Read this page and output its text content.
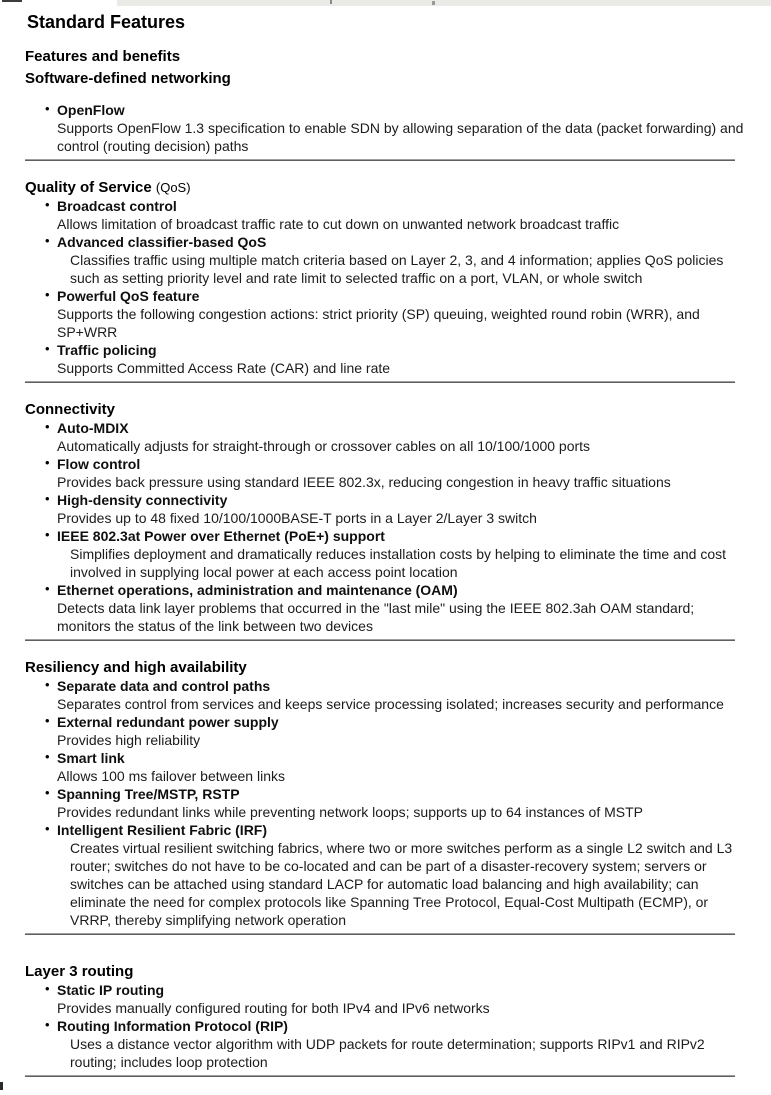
Standard Features
Features and benefits
Software-defined networking
• OpenFlow
Supports OpenFlow 1.3 specification to enable SDN by allowing separation of the data (packet forwarding) and control (routing decision) paths
Quality of Service (QoS)
• Broadcast control
Allows limitation of broadcast traffic rate to cut down on unwanted network broadcast traffic
• Advanced classifier-based QoS
Classifies traffic using multiple match criteria based on Layer 2, 3, and 4 information; applies QoS policies such as setting priority level and rate limit to selected traffic on a port, VLAN, or whole switch
• Powerful QoS feature
Supports the following congestion actions: strict priority (SP) queuing, weighted round robin (WRR), and SP+WRR
• Traffic policing
Supports Committed Access Rate (CAR) and line rate
Connectivity
• Auto-MDIX
Automatically adjusts for straight-through or crossover cables on all 10/100/1000 ports
• Flow control
Provides back pressure using standard IEEE 802.3x, reducing congestion in heavy traffic situations
• High-density connectivity
Provides up to 48 fixed 10/100/1000BASE-T ports in a Layer 2/Layer 3 switch
• IEEE 802.3at Power over Ethernet (PoE+) support
Simplifies deployment and dramatically reduces installation costs by helping to eliminate the time and cost involved in supplying local power at each access point location
• Ethernet operations, administration and maintenance (OAM)
Detects data link layer problems that occurred in the "last mile" using the IEEE 802.3ah OAM standard; monitors the status of the link between two devices
Resiliency and high availability
• Separate data and control paths
Separates control from services and keeps service processing isolated; increases security and performance
• External redundant power supply
Provides high reliability
• Smart link
Allows 100 ms failover between links
• Spanning Tree/MSTP, RSTP
Provides redundant links while preventing network loops; supports up to 64 instances of MSTP
• Intelligent Resilient Fabric (IRF)
Creates virtual resilient switching fabrics, where two or more switches perform as a single L2 switch and L3 router; switches do not have to be co-located and can be part of a disaster-recovery system; servers or switches can be attached using standard LACP for automatic load balancing and high availability; can eliminate the need for complex protocols like Spanning Tree Protocol, Equal-Cost Multipath (ECMP), or VRRP, thereby simplifying network operation
Layer 3 routing
• Static IP routing
Provides manually configured routing for both IPv4 and IPv6 networks
• Routing Information Protocol (RIP)
Uses a distance vector algorithm with UDP packets for route determination; supports RIPv1 and RIPv2 routing; includes loop protection
